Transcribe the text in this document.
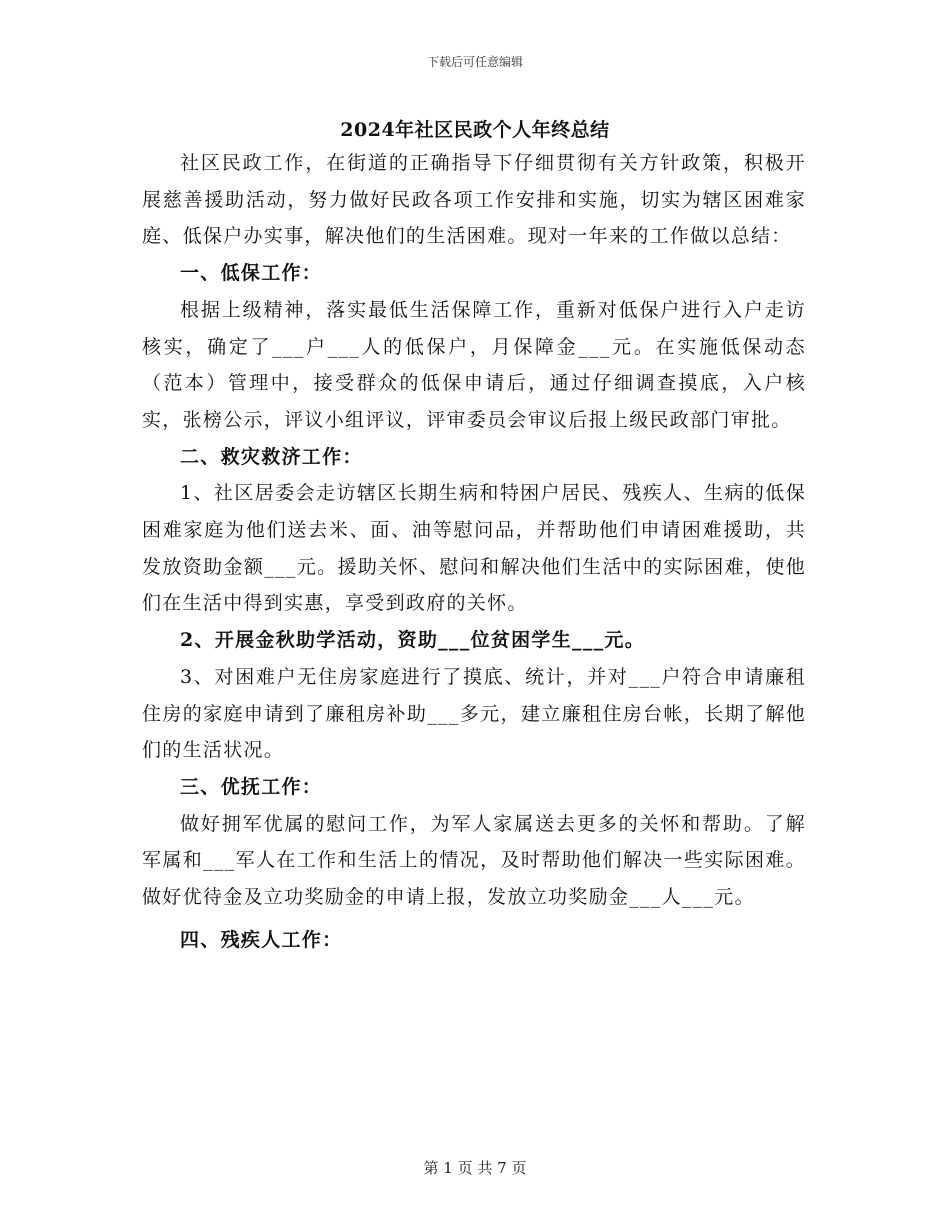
下载后可任意编辑
2024年社区民政个人年终总结

社区民政工作，在街道的正确指导下仔细贯彻有关方针政策，积极开展慈善援助活动，努力做好民政各项工作安排和实施，切实为辖区困难家庭、低保户办实事，解决他们的生活困难。现对一年来的工作做以总结：

一、低保工作：

根据上级精神，落实最低生活保障工作，重新对低保户进行入户走访核实，确定了___户___人的低保户，月保障金___元。在实施低保动态（范本）管理中，接受群众的低保申请后，通过仔细调查摸底，入户核实，张榜公示，评议小组评议，评审委员会审议后报上级民政部门审批。

二、救灾救济工作：

1、社区居委会走访辖区长期生病和特困户居民、残疾人、生病的低保困难家庭为他们送去米、面、油等慰问品，并帮助他们申请困难援助，共发放资助金额___元。援助关怀、慰问和解决他们生活中的实际困难，使他们在生活中得到实惠，享受到政府的关怀。

2、开展金秋助学活动，资助___位贫困学生___元。

3、对困难户无住房家庭进行了摸底、统计，并对___户符合申请廉租住房的家庭申请到了廉租房补助___多元，建立廉租住房台帐，长期了解他们的生活状况。

三、优抚工作：

做好拥军优属的慰问工作，为军人家属送去更多的关怀和帮助。了解军属和___军人在工作和生活上的情况，及时帮助他们解决一些实际困难。做好优待金及立功奖励金的申请上报，发放立功奖励金___人___元。

四、残疾人工作：

第 1 页 共 7 页
